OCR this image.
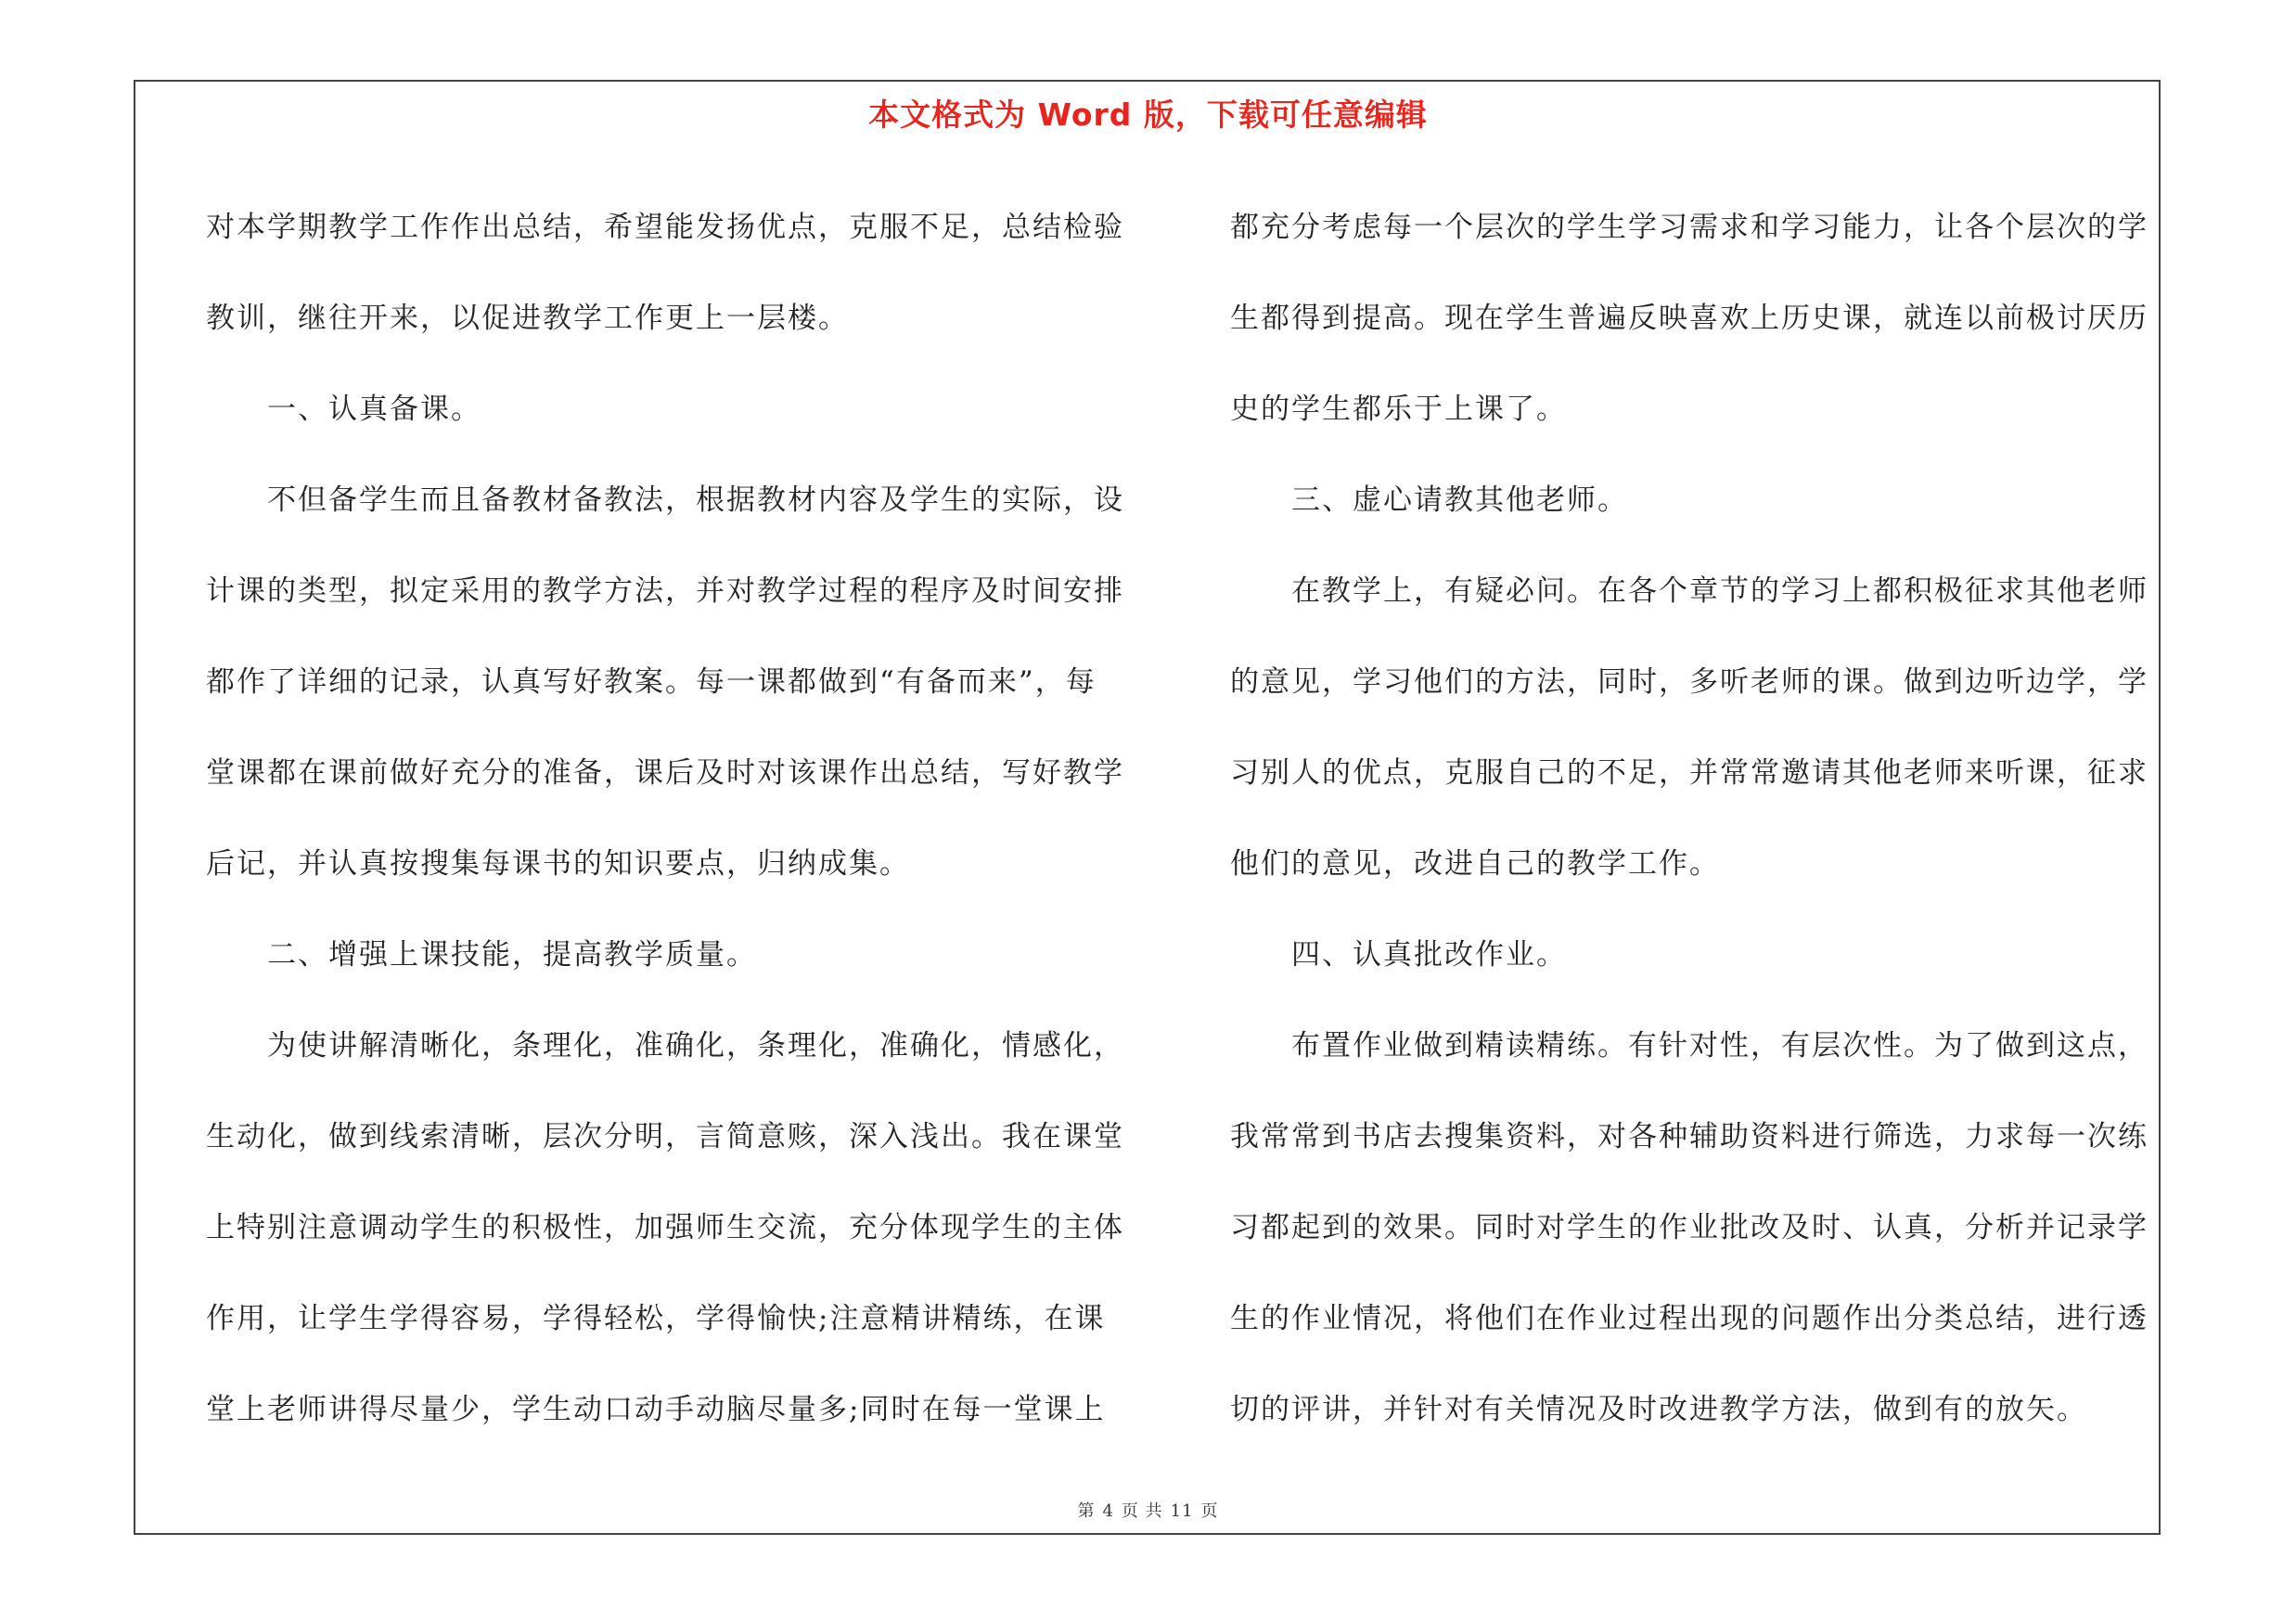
本文格式为 Word 版，下载可任意编辑

对本学期教学工作作出总结，希望能发扬优点，克服不足，总结检验

教训，继往开来，以促进教学工作更上一层楼。

　　一、认真备课。

　　不但备学生而且备教材备教法，根据教材内容及学生的实际，设

计课的类型，拟定采用的教学方法，并对教学过程的程序及时间安排

都作了详细的记录，认真写好教案。每一课都做到“有备而来”，每

堂课都在课前做好充分的准备，课后及时对该课作出总结，写好教学

后记，并认真按搜集每课书的知识要点，归纳成集。

　　二、增强上课技能，提高教学质量。

　　为使讲解清晰化，条理化，准确化，条理化，准确化，情感化，

生动化，做到线索清晰，层次分明，言简意赅，深入浅出。我在课堂

上特别注意调动学生的积极性，加强师生交流，充分体现学生的主体

作用，让学生学得容易，学得轻松，学得愉快;注意精讲精练，在课

堂上老师讲得尽量少，学生动口动手动脑尽量多;同时在每一堂课上

都充分考虑每一个层次的学生学习需求和学习能力，让各个层次的学

生都得到提高。现在学生普遍反映喜欢上历史课，就连以前极讨厌历

史的学生都乐于上课了。

　　三、虚心请教其他老师。

　　在教学上，有疑必问。在各个章节的学习上都积极征求其他老师

的意见，学习他们的方法，同时，多听老师的课。做到边听边学，学

习别人的优点，克服自己的不足，并常常邀请其他老师来听课，征求

他们的意见，改进自己的教学工作。

　　四、认真批改作业。

　　布置作业做到精读精练。有针对性，有层次性。为了做到这点，

我常常到书店去搜集资料，对各种辅助资料进行筛选，力求每一次练

习都起到的效果。同时对学生的作业批改及时、认真，分析并记录学

生的作业情况，将他们在作业过程出现的问题作出分类总结，进行透

切的评讲，并针对有关情况及时改进教学方法，做到有的放矢。

第 4 页 共 11 页
